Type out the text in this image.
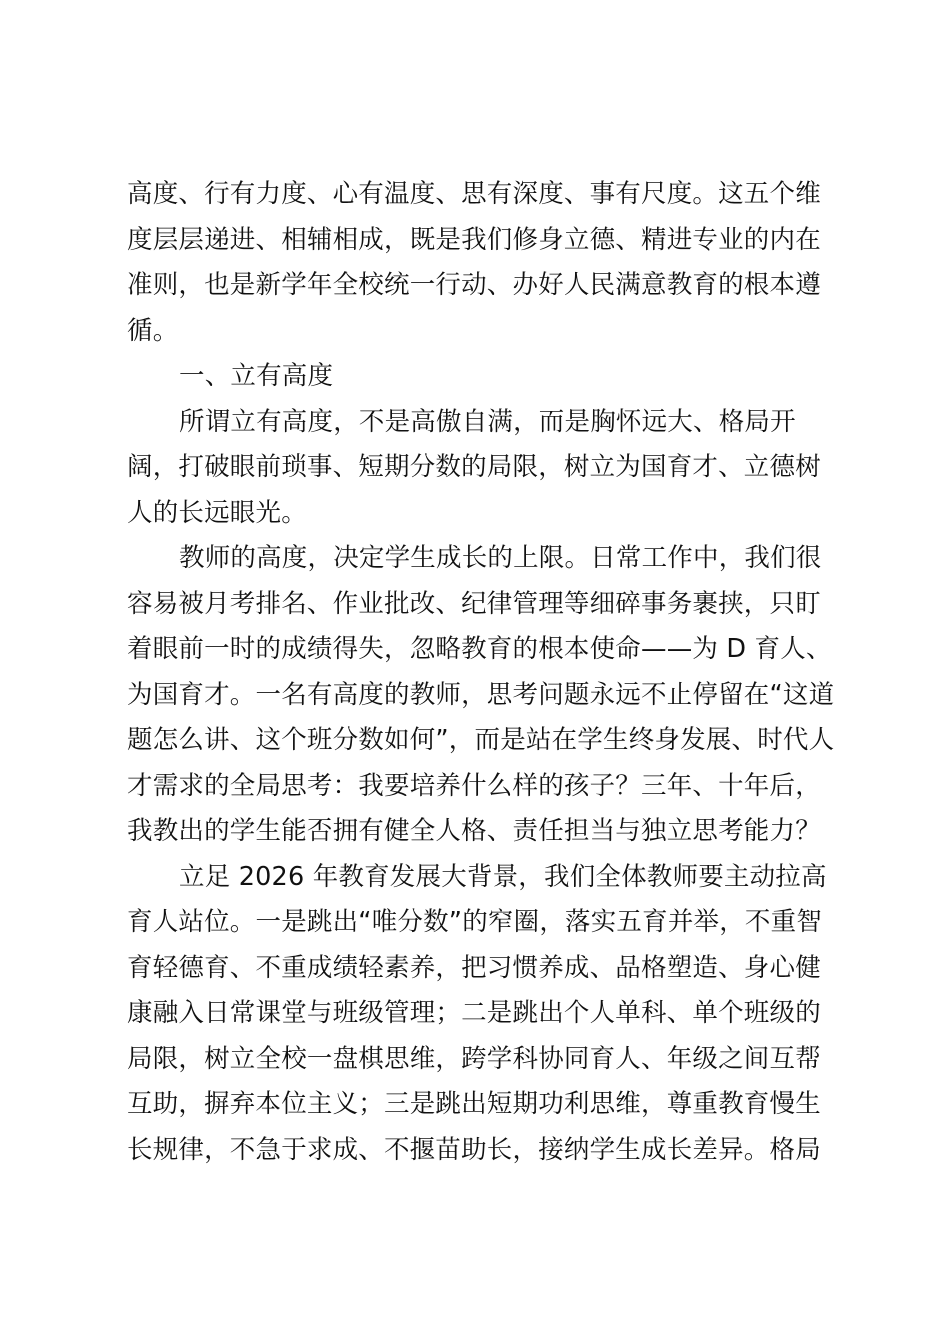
高度、行有力度、心有温度、思有深度、事有尺度。这五个维
度层层递进、相辅相成，既是我们修身立德、精进专业的内在
准则，也是新学年全校统一行动、办好人民满意教育的根本遵
循。

一、立有高度

所谓立有高度，不是高傲自满，而是胸怀远大、格局开
阔，打破眼前琐事、短期分数的局限，树立为国育才、立德树
人的长远眼光。

教师的高度，决定学生成长的上限。日常工作中，我们很
容易被月考排名、作业批改、纪律管理等细碎事务裹挟，只盯
着眼前一时的成绩得失，忽略教育的根本使命——为 D 育人、
为国育才。一名有高度的教师，思考问题永远不止停留在“这道
题怎么讲、这个班分数如何”，而是站在学生终身发展、时代人
才需求的全局思考：我要培养什么样的孩子？三年、十年后，
我教出的学生能否拥有健全人格、责任担当与独立思考能力？

立足 2026 年教育发展大背景，我们全体教师要主动拉高
育人站位。一是跳出“唯分数”的窄圈，落实五育并举，不重智
育轻德育、不重成绩轻素养，把习惯养成、品格塑造、身心健
康融入日常课堂与班级管理；二是跳出个人单科、单个班级的
局限，树立全校一盘棋思维，跨学科协同育人、年级之间互帮
互助，摒弃本位主义；三是跳出短期功利思维，尊重教育慢生
长规律，不急于求成、不揠苗助长，接纳学生成长差异。格局
